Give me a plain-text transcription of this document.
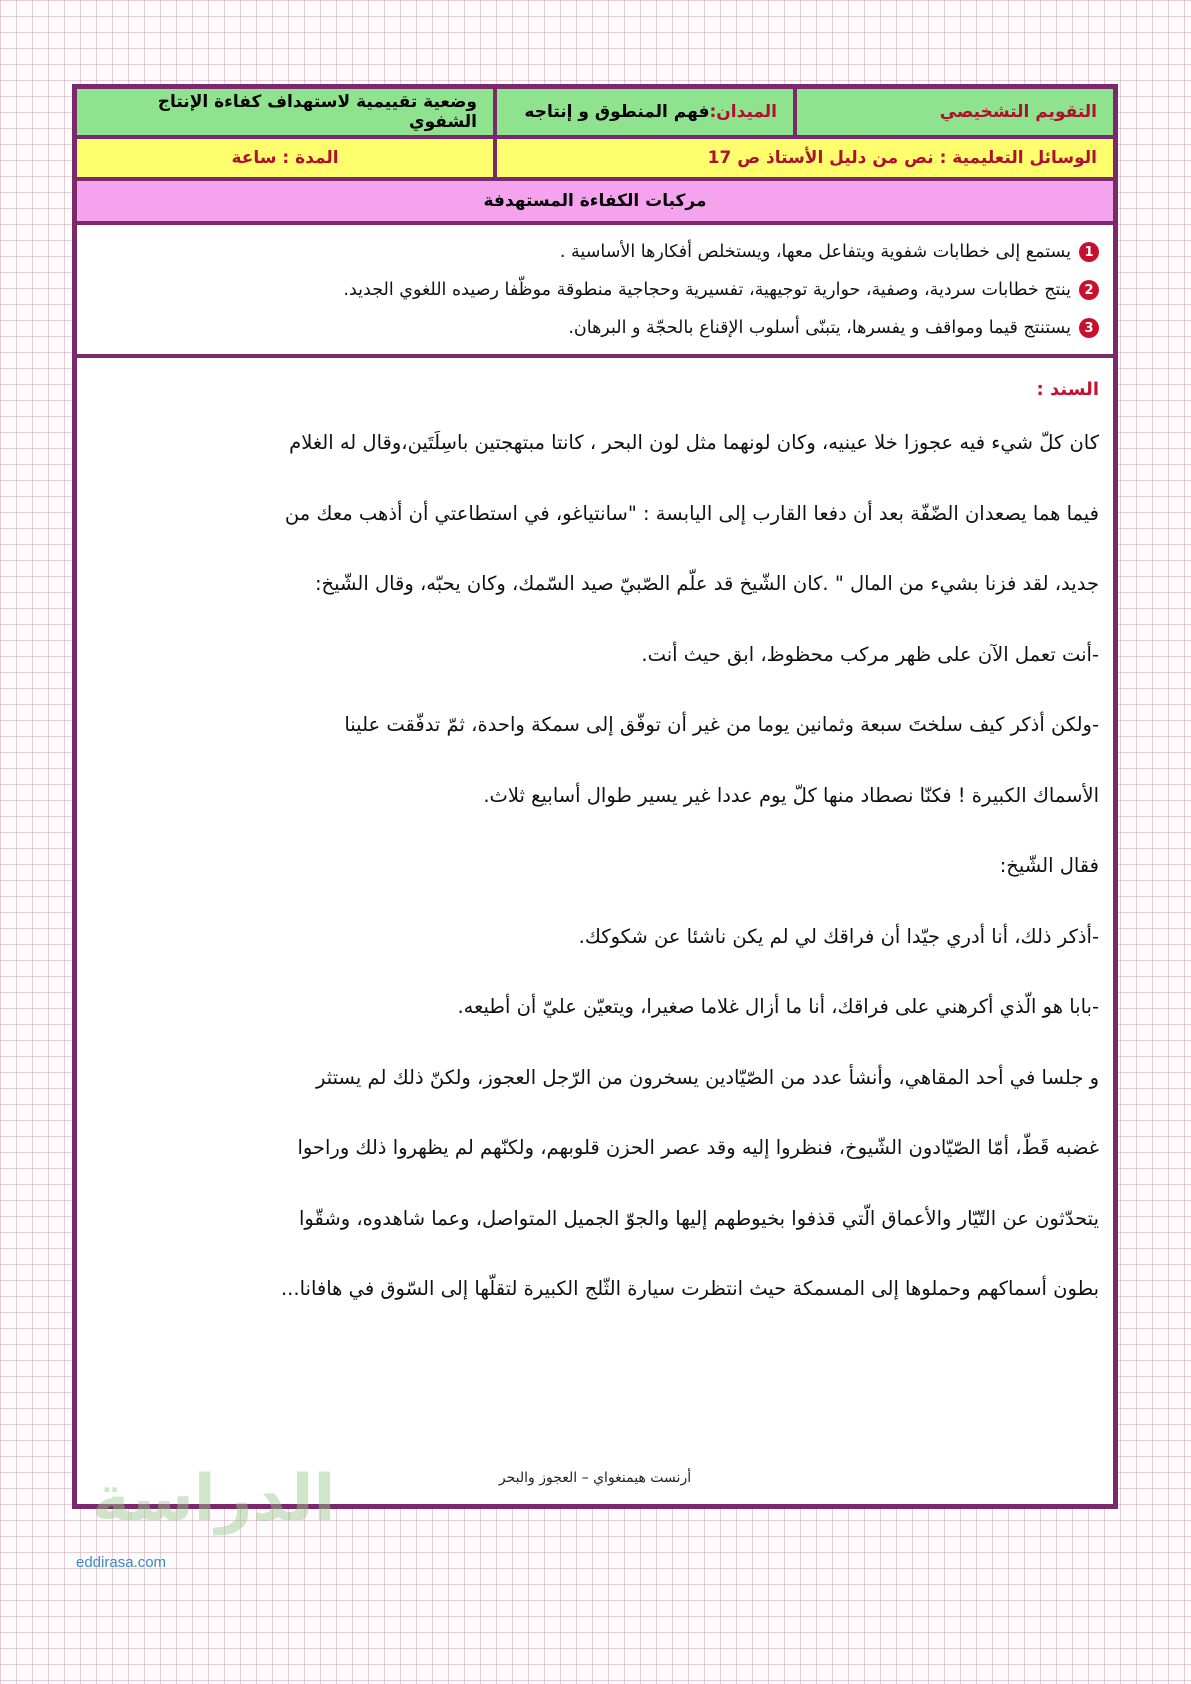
التقويم التشخيصي
الميدان:
فهم المنطوق و إنتاجه
وضعية تقييمية لاستهداف كفاءة الإنتاج الشفوي
الوسائل التعليمية : نص من دليل الأستاذ ص 17
المدة : ساعة
مركبات الكفاءة المستهدفة
1
يستمع إلى خطابات شفوية ويتفاعل معها، ويستخلص أفكارها الأساسية .
2
ينتج خطابات سردية، وصفية، حوارية توجيهية، تفسيرية وحجاجية منطوقة موظّفا رصيده اللغوي الجديد.
3
يستنتج قيما ومواقف و يفسرها، يتبنّى أسلوب الإقناع بالحجّة و البرهان.
السند :
كان كلّ شيء فيه عجوزا خلا عينيه، وكان لونهما مثل لون البحر ، كانتا مبتهجتين باسِلَتَين،وقال له الغلام
فيما هما يصعدان الضّفّة بعد أن دفعا القارب إلى اليابسة : "سانتياغو، في استطاعتي أن أذهب معك من
جديد، لقد فزنا بشيء من المال " .كان الشّيخ قد علّم الصّبيّ صيد السّمك، وكان يحبّه، وقال الشّيخ:
-أنت تعمل الآن على ظهر مركب محظوظ، ابق حيث أنت.
-ولكن أذكر كيف سلختَ سبعة وثمانين يوما من غير أن توفّق إلى سمكة واحدة، ثمّ تدفّقت علينا
الأسماك الكبيرة ! فكنّا نصطاد منها كلّ يوم عددا غير يسير طوال أسابيع ثلاث.
فقال الشّيخ:
-أذكر ذلك، أنا أدري جيّدا أن فراقك لي لم يكن ناشئا عن شكوكك.
-بابا هو الّذي أكرهني على فراقك، أنا ما أزال غلاما صغيرا، ويتعيّن عليّ أن أطيعه.
و جلسا في أحد المقاهي، وأنشأ عدد من الصّيّادين يسخرون من الرّجل العجوز، ولكنّ ذلك لم يستثر
غضبه قَطّ، أمّا الصّيّادون الشّيوخ، فنظروا إليه وقد عصر الحزن قلوبهم، ولكنّهم لم يظهروا ذلك وراحوا
يتحدّثون عن التّيّار والأعماق الّتي قذفوا بخيوطهم إليها والجوّ الجميل المتواصل، وعما شاهدوه، وشقّوا
بطون أسماكهم وحملوها إلى المسمكة حيث انتظرت سيارة الثّلج الكبيرة لتقلّها إلى السّوق في هافانا...
أرنست هيمنغواي – العجوز والبحر
الدراسة
eddirasa.com
